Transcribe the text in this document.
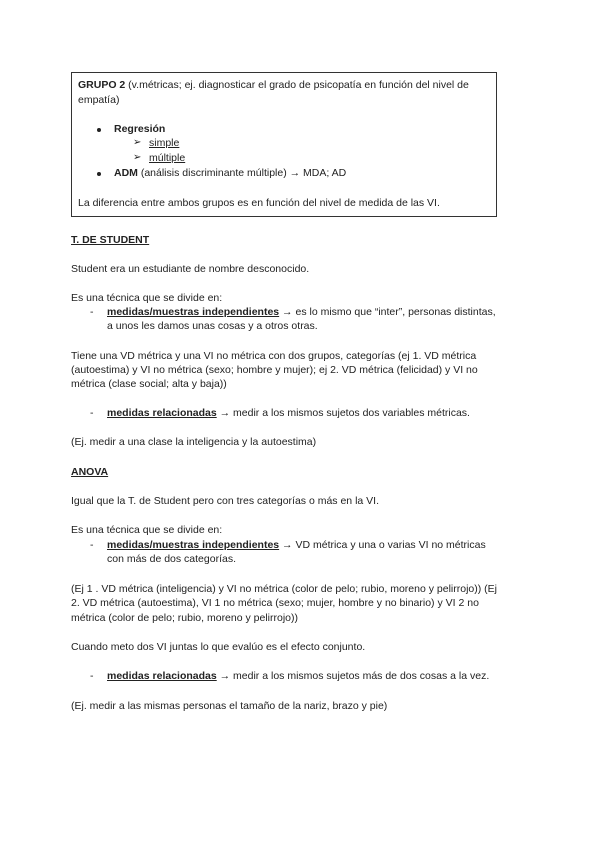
GRUPO 2 (v.métricas; ej. diagnosticar el grado de psicopatía en función del nivel de
empatía)
Regresión
➢ simple
➢ múltiple
ADM (análisis discriminante múltiple) → MDA; AD
La diferencia entre ambos grupos es en función del nivel de medida de las VI.
T. DE STUDENT
Student era un estudiante de nombre desconocido.
Es una técnica que se divide en:
- medidas/muestras independientes → es lo mismo que “inter”, personas distintas,
a unos les damos unas cosas y a otros otras.
Tiene una VD métrica y una VI no métrica con dos grupos, categorías (ej 1. VD métrica
(autoestima) y VI no métrica (sexo; hombre y mujer); ej 2. VD métrica (felicidad) y VI no
métrica (clase social; alta y baja))
- medidas relacionadas → medir a los mismos sujetos dos variables métricas.
(Ej. medir a una clase la inteligencia y la autoestima)
ANOVA
Igual que la T. de Student pero con tres categorías o más en la VI.
Es una técnica que se divide en:
- medidas/muestras independientes → VD métrica y una o varias VI no métricas
con más de dos categorías.
(Ej 1 . VD métrica (inteligencia) y VI no métrica (color de pelo; rubio, moreno y pelirrojo)) (Ej
2. VD métrica (autoestima), VI 1 no métrica (sexo; mujer, hombre y no binario) y VI 2 no
métrica (color de pelo; rubio, moreno y pelirrojo))
Cuando meto dos VI juntas lo que evalúo es el efecto conjunto.
- medidas relacionadas → medir a los mismos sujetos más de dos cosas a la vez.
(Ej. medir a las mismas personas el tamaño de la nariz, brazo y pie)
